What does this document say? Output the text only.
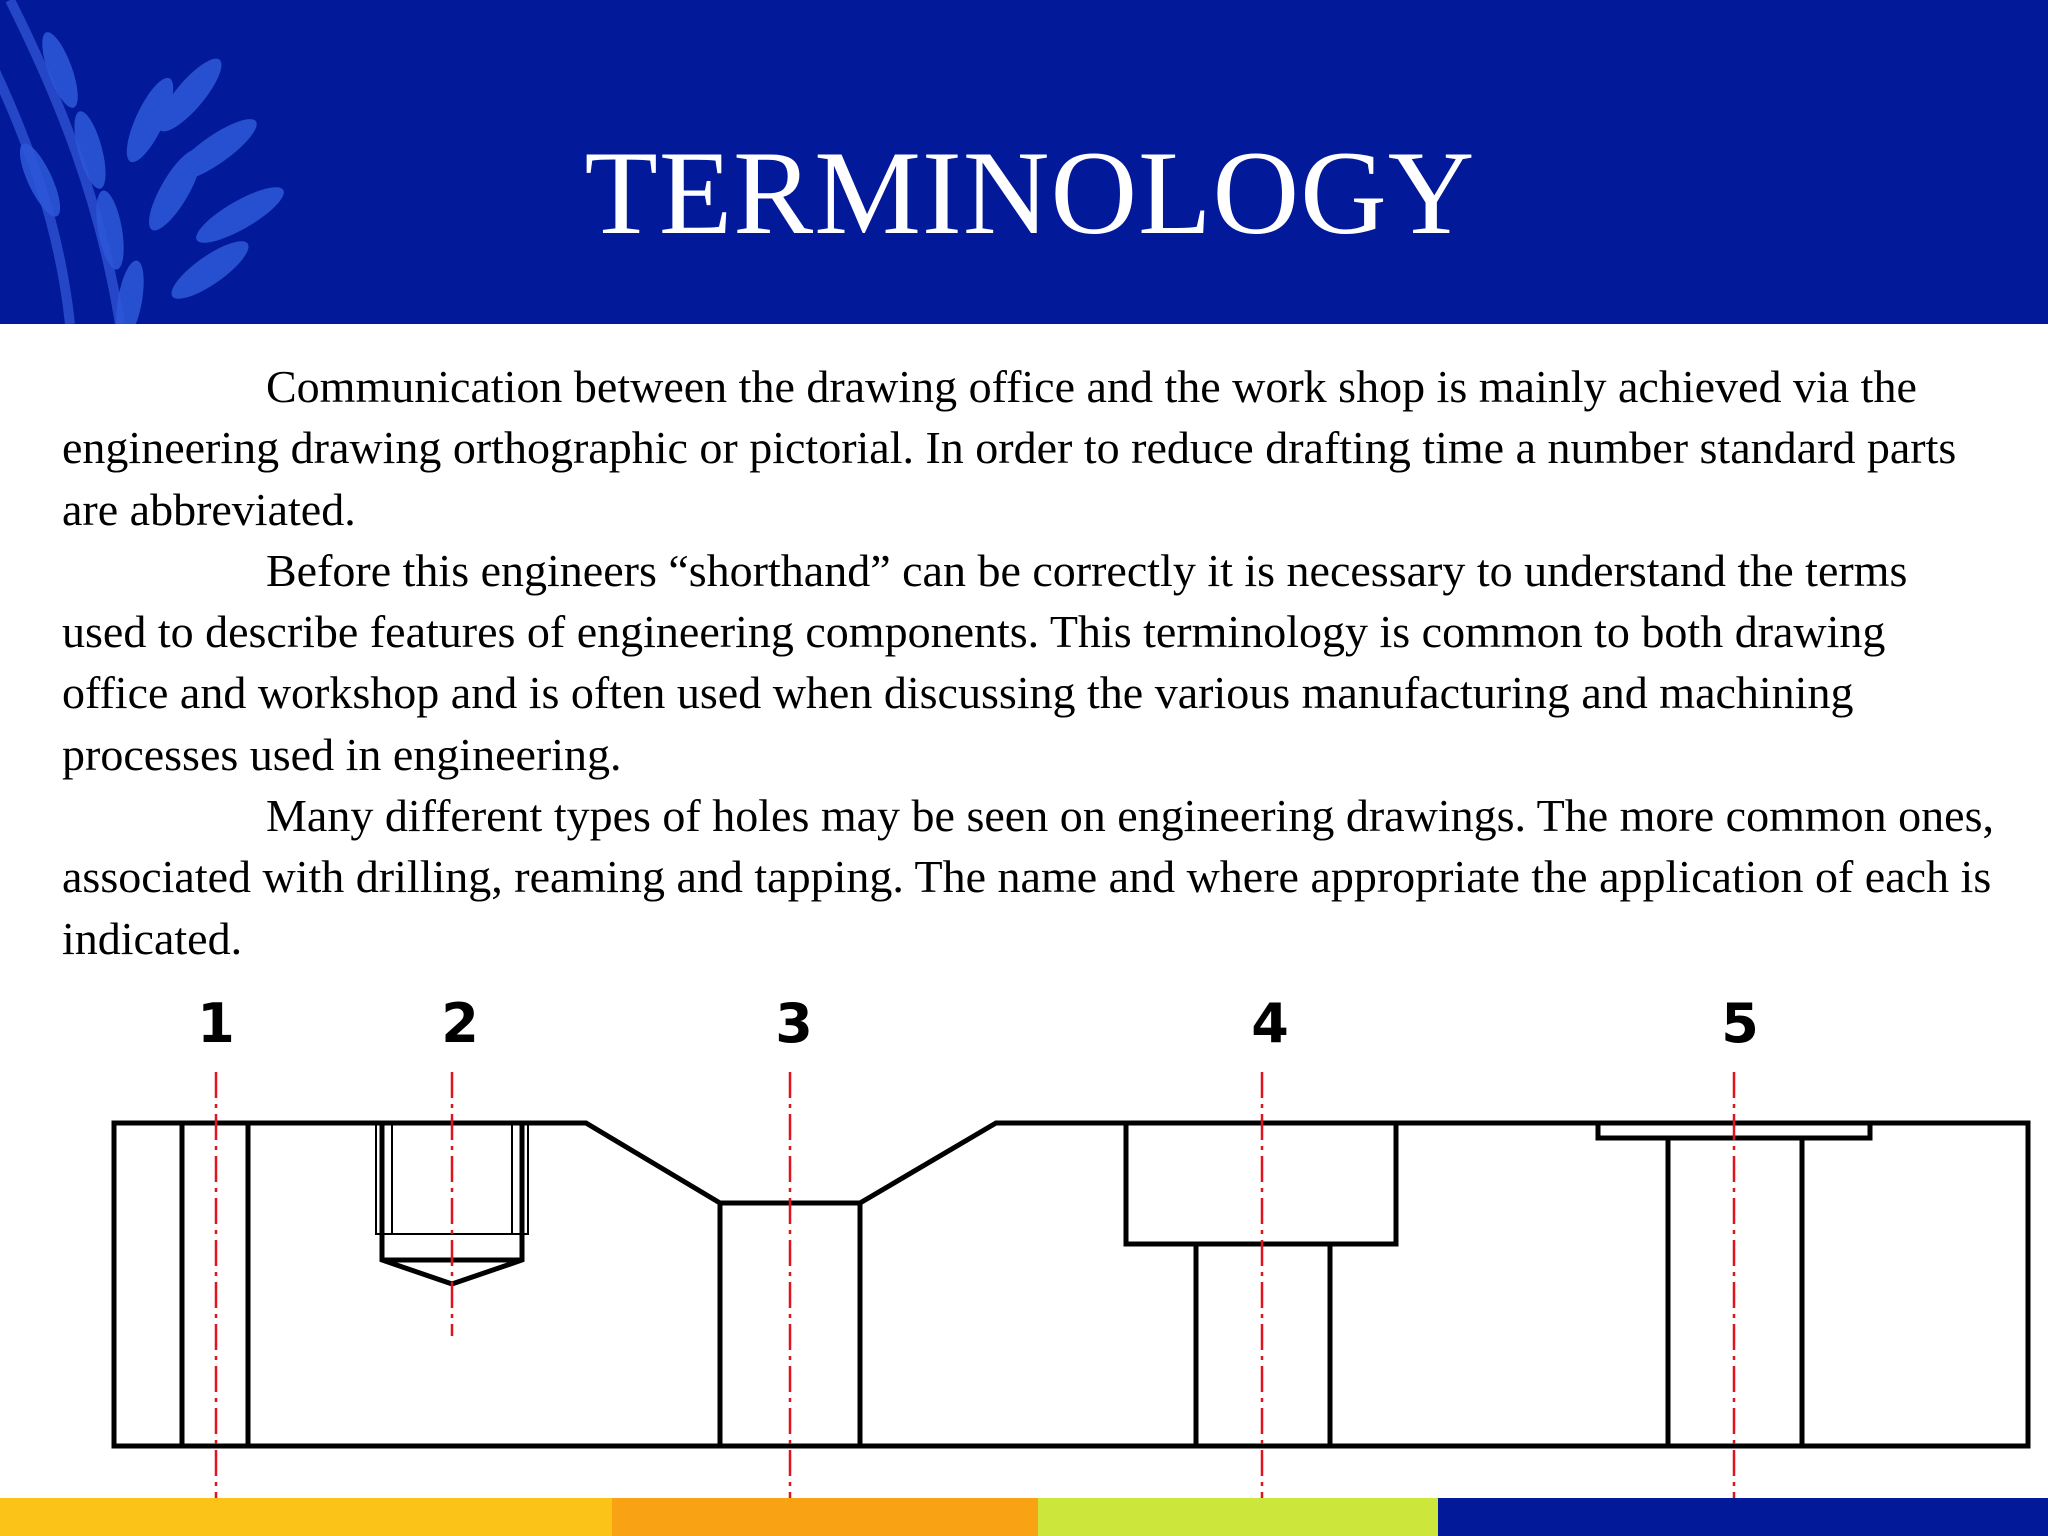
TERMINOLOGY

Communication between the drawing office and the work shop is mainly achieved via the engineering drawing orthographic or pictorial. In order to reduce drafting time a number standard parts are abbreviated.

Before this engineers “shorthand” can be correctly it is necessary to understand the terms used to describe features of engineering components. This terminology is common to both drawing office and workshop and is often used when discussing the various manufacturing and machining processes used in engineering.

Many different types of holes may be seen on engineering drawings. The more common ones, associated with drilling, reaming and tapping. The name and where appropriate the application of each is indicated.

1	2	3	4	5
